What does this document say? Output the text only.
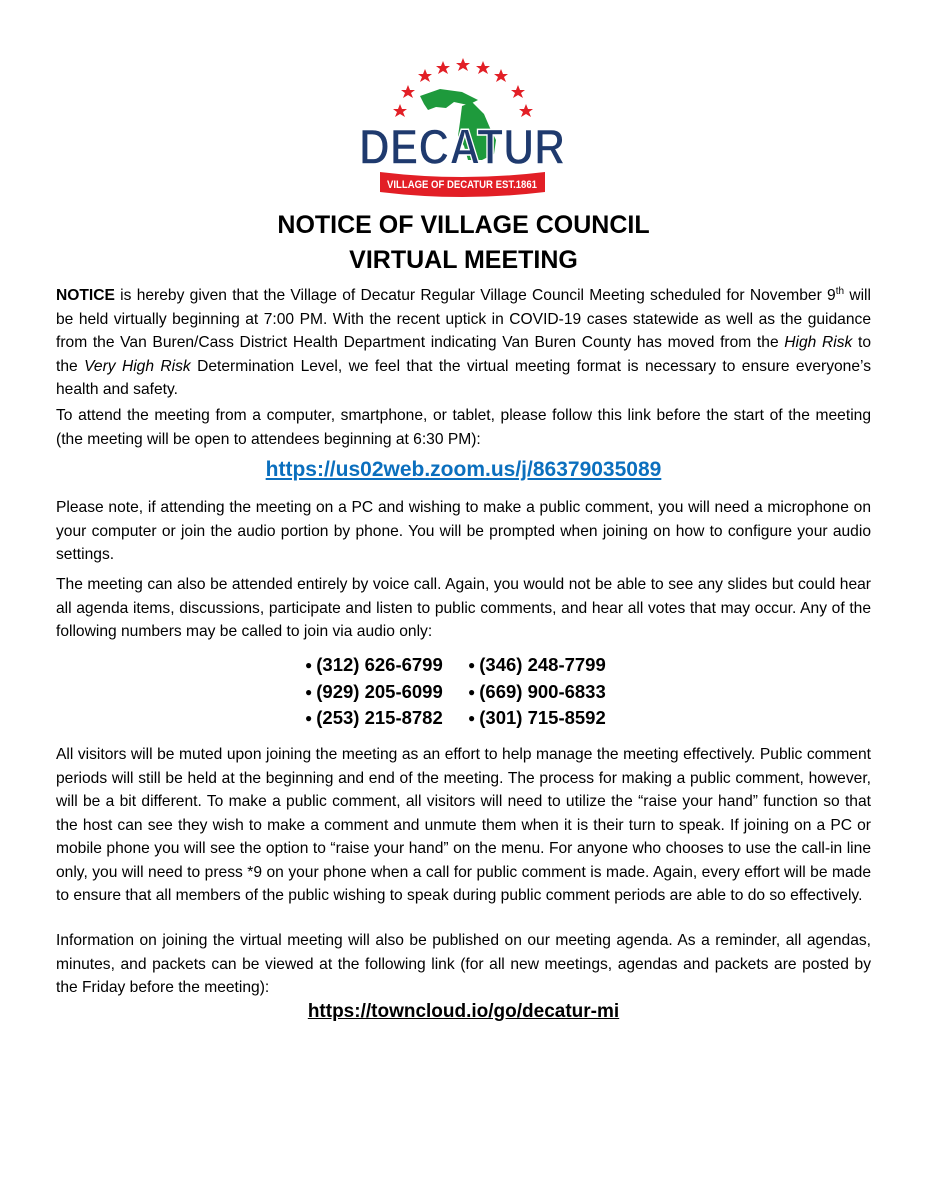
DECATUR
VILLAGE OF DECATUR EST.1861
NOTICE OF VILLAGE COUNCIL
VIRTUAL MEETING
NOTICE is hereby given that the Village of Decatur Regular Village Council Meeting scheduled for November 9th will be held virtually beginning at 7:00 PM. With the recent uptick in COVID-19 cases statewide as well as the guidance from the Van Buren/Cass District Health Department indicating Van Buren County has moved from the High Risk to the Very High Risk Determination Level, we feel that the virtual meeting format is necessary to ensure everyone’s health and safety.
To attend the meeting from a computer, smartphone, or tablet, please follow this link before the start of the meeting (the meeting will be open to attendees beginning at 6:30 PM):
https://us02web.zoom.us/j/86379035089
Please note, if attending the meeting on a PC and wishing to make a public comment, you will need a microphone on your computer or join the audio portion by phone. You will be prompted when joining on how to configure your audio settings.
The meeting can also be attended entirely by voice call. Again, you would not be able to see any slides but could hear all agenda items, discussions, participate and listen to public comments, and hear all votes that may occur. Any of the following numbers may be called to join via audio only:
● (312) 626-6799 ● (346) 248-7799
● (929) 205-6099 ● (669) 900-6833
● (253) 215-8782 ● (301) 715-8592
All visitors will be muted upon joining the meeting as an effort to help manage the meeting effectively. Public comment periods will still be held at the beginning and end of the meeting. The process for making a public comment, however, will be a bit different. To make a public comment, all visitors will need to utilize the “raise your hand” function so that the host can see they wish to make a comment and unmute them when it is their turn to speak. If joining on a PC or mobile phone you will see the option to “raise your hand” on the menu. For anyone who chooses to use the call-in line only, you will need to press *9 on your phone when a call for public comment is made. Again, every effort will be made to ensure that all members of the public wishing to speak during public comment periods are able to do so effectively.
Information on joining the virtual meeting will also be published on our meeting agenda. As a reminder, all agendas, minutes, and packets can be viewed at the following link (for all new meetings, agendas and packets are posted by the Friday before the meeting):
https://towncloud.io/go/decatur-mi
